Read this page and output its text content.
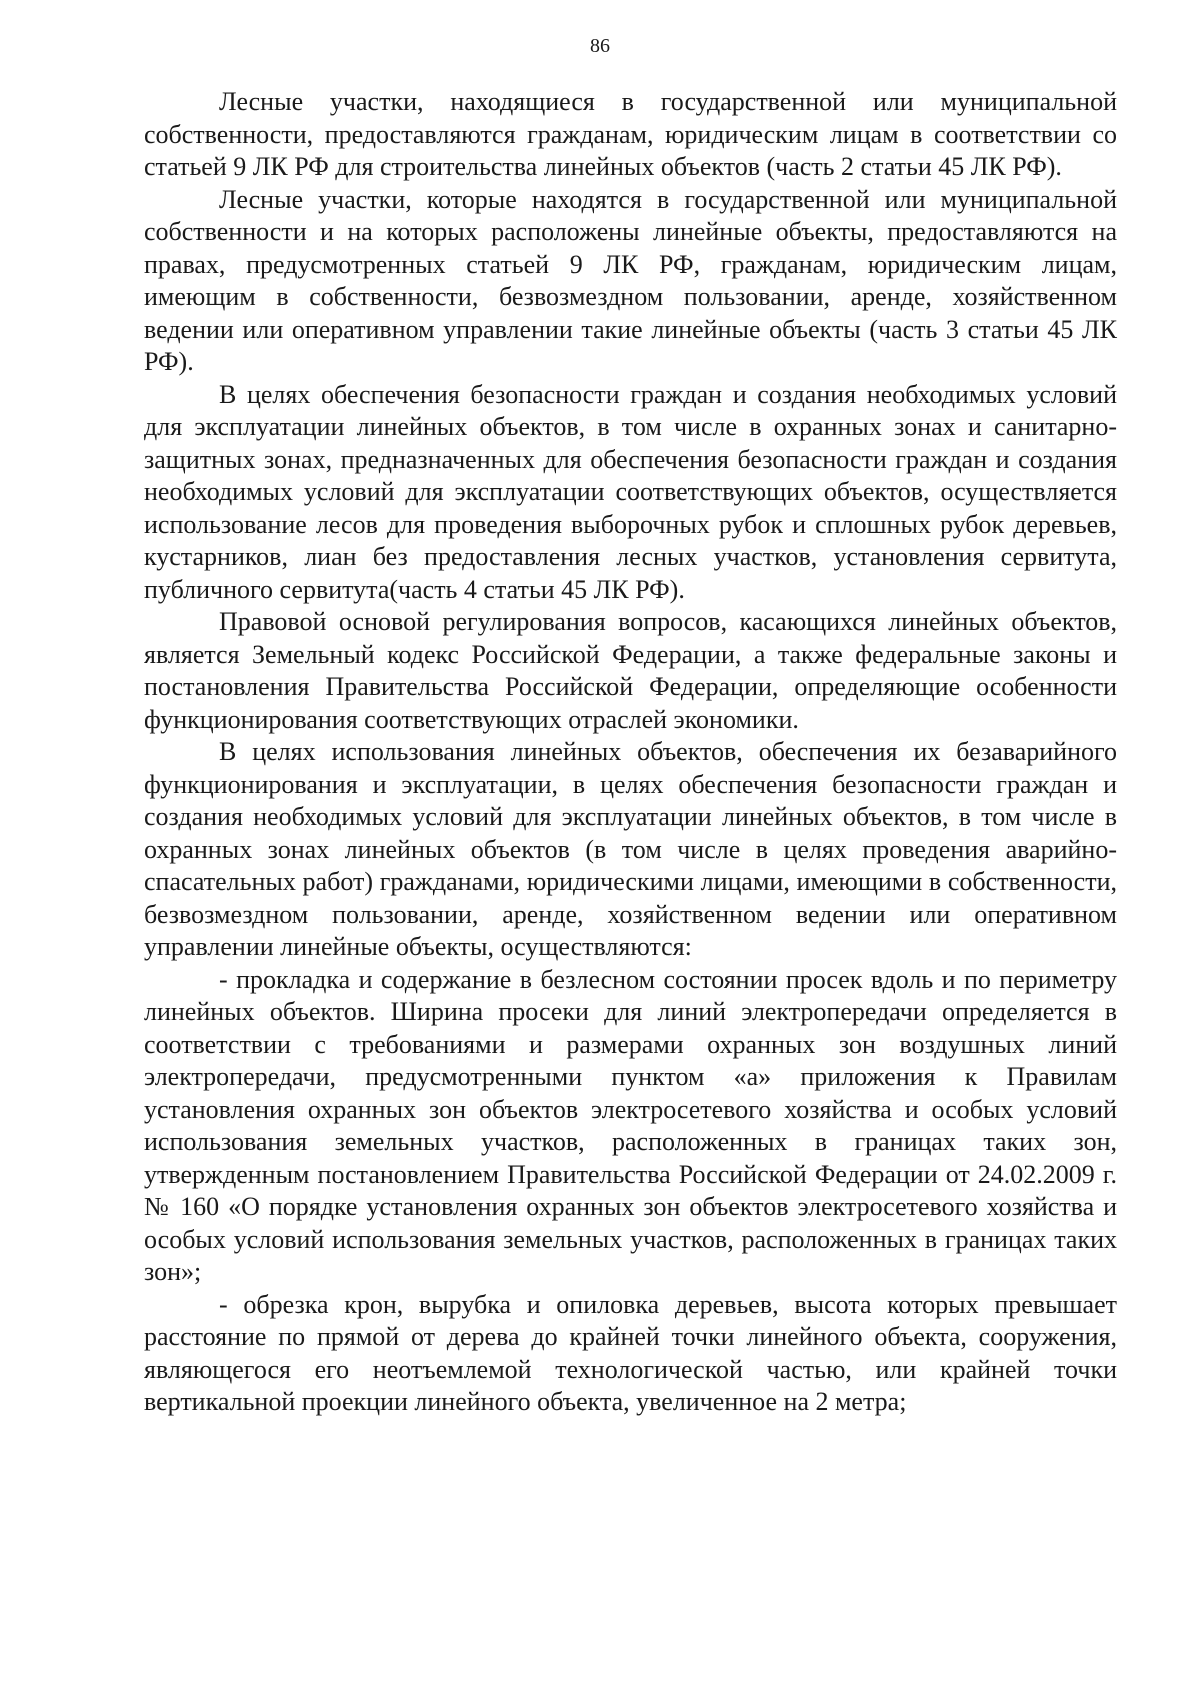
86

Лесные участки, находящиеся в государственной или муниципальной собственности, предоставляются гражданам, юридическим лицам в соответствии со статьей 9 ЛК РФ для строительства линейных объектов (часть 2 статьи 45 ЛК РФ).

Лесные участки, которые находятся в государственной или муниципальной собственности и на которых расположены линейные объекты, предоставляются на правах, предусмотренных статьей 9 ЛК РФ, гражданам, юридическим лицам, имеющим в собственности, безвозмездном пользовании, аренде, хозяйственном ведении или оперативном управлении такие линейные объекты (часть 3 статьи 45 ЛК РФ).

В целях обеспечения безопасности граждан и создания необходимых условий для эксплуатации линейных объектов, в том числе в охранных зонах и санитарно-защитных зонах, предназначенных для обеспечения безопасности граждан и создания необходимых условий для эксплуатации соответствующих объектов, осуществляется использование лесов для проведения выборочных рубок и сплошных рубок деревьев, кустарников, лиан без предоставления лесных участков, установления сервитута, публичного сервитута(часть 4 статьи 45 ЛК РФ).

Правовой основой регулирования вопросов, касающихся линейных объектов, является Земельный кодекс Российской Федерации, а также федеральные законы и постановления Правительства Российской Федерации, определяющие особенности функционирования соответствующих отраслей экономики.

В целях использования линейных объектов, обеспечения их безаварийного функционирования и эксплуатации, в целях обеспечения безопасности граждан и создания необходимых условий для эксплуатации линейных объектов, в том числе в охранных зонах линейных объектов (в том числе в целях проведения аварийно-спасательных работ) гражданами, юридическими лицами, имеющими в собственности, безвозмездном пользовании, аренде, хозяйственном ведении или оперативном управлении линейные объекты, осуществляются:

- прокладка и содержание в безлесном состоянии просек вдоль и по периметру линейных объектов. Ширина просеки для линий электропередачи определяется в соответствии с требованиями и размерами охранных зон воздушных линий электропередачи, предусмотренными пунктом «а» приложения к Правилам установления охранных зон объектов электросетевого хозяйства и особых условий использования земельных участков, расположенных в границах таких зон, утвержденным постановлением Правительства Российской Федерации от 24.02.2009 г. № 160 «О порядке установления охранных зон объектов электросетевого хозяйства и особых условий использования земельных участков, расположенных в границах таких зон»;

- обрезка крон, вырубка и опиловка деревьев, высота которых превышает расстояние по прямой от дерева до крайней точки линейного объекта, сооружения, являющегося его неотъемлемой технологической частью, или крайней точки вертикальной проекции линейного объекта, увеличенное на 2 метра;
